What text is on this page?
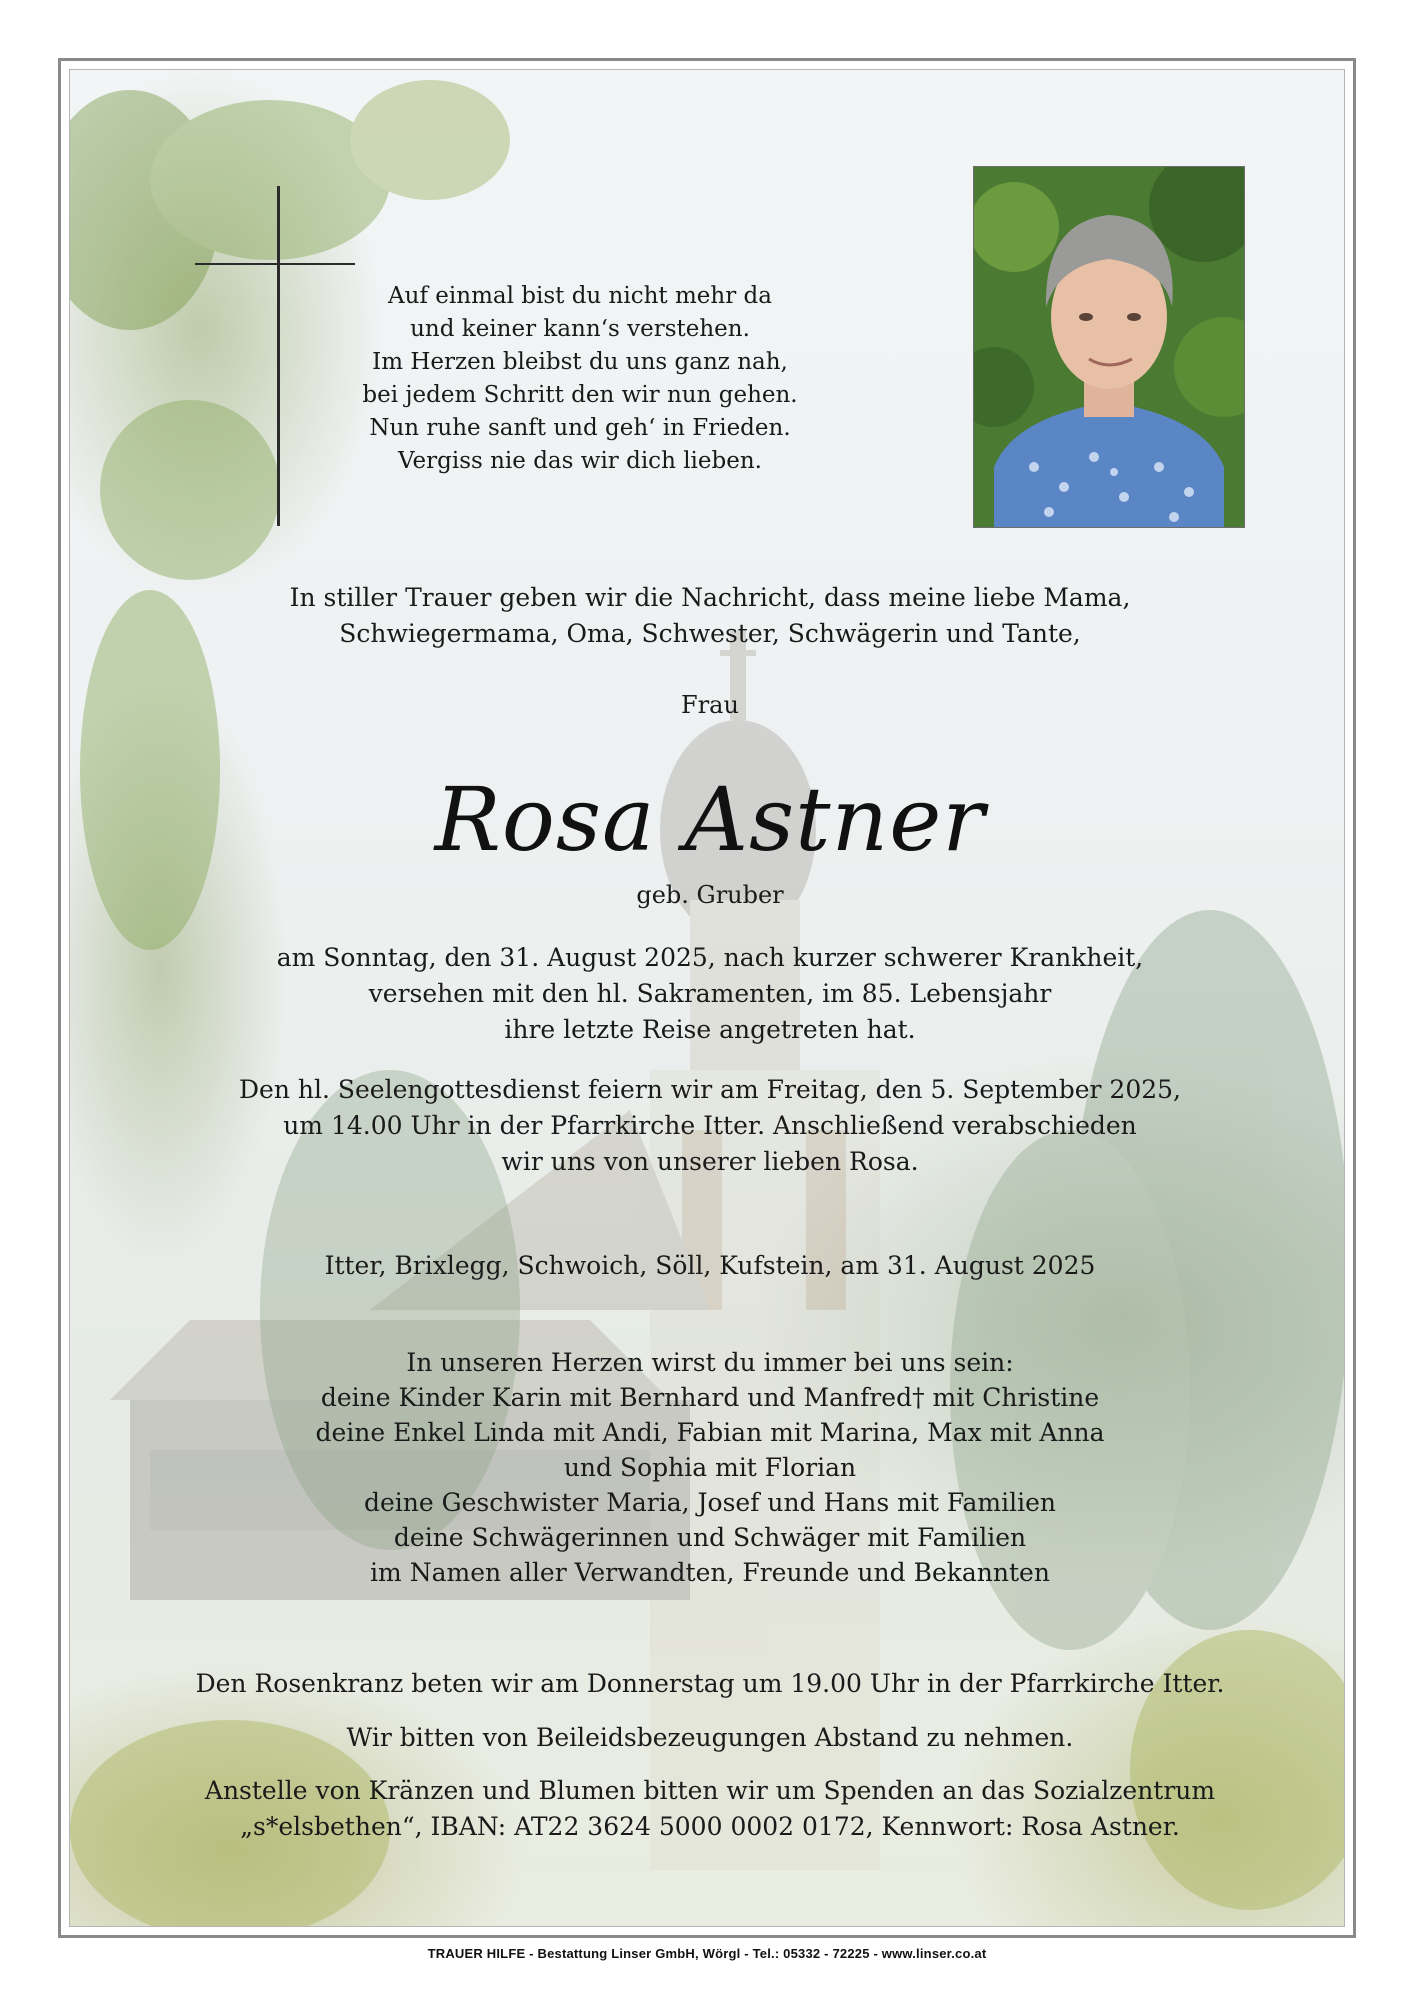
Auf einmal bist du nicht mehr da
und keiner kann‘s verstehen.
Im Herzen bleibst du uns ganz nah,
bei jedem Schritt den wir nun gehen.
Nun ruhe sanft und geh‘ in Frieden.
Vergiss nie das wir dich lieben.
In stiller Trauer geben wir die Nachricht, dass meine liebe Mama,
Schwiegermama, Oma, Schwester, Schwägerin und Tante,
Frau
Rosa Astner
geb. Gruber
am Sonntag, den 31. August 2025, nach kurzer schwerer Krankheit,
versehen mit den hl. Sakramenten, im 85. Lebensjahr
ihre letzte Reise angetreten hat.
Den hl. Seelengottesdienst feiern wir am Freitag, den 5. September 2025,
um 14.00 Uhr in der Pfarrkirche Itter. Anschließend verabschieden
wir uns von unserer lieben Rosa.
Itter, Brixlegg, Schwoich, Söll, Kufstein, am 31. August 2025
In unseren Herzen wirst du immer bei uns sein:
deine Kinder Karin mit Bernhard und Manfred† mit Christine
deine Enkel Linda mit Andi, Fabian mit Marina, Max mit Anna
und Sophia mit Florian
deine Geschwister Maria, Josef und Hans mit Familien
deine Schwägerinnen und Schwäger mit Familien
im Namen aller Verwandten, Freunde und Bekannten
Den Rosenkranz beten wir am Donnerstag um 19.00 Uhr in der Pfarrkirche Itter.
Wir bitten von Beileidsbezeugungen Abstand zu nehmen.
Anstelle von Kränzen und Blumen bitten wir um Spenden an das Sozialzentrum
„s*elsbethen“, IBAN: AT22 3624 5000 0002 0172, Kennwort: Rosa Astner.
TRAUER HILFE - Bestattung Linser GmbH, Wörgl - Tel.: 05332 - 72225 - www.linser.co.at
